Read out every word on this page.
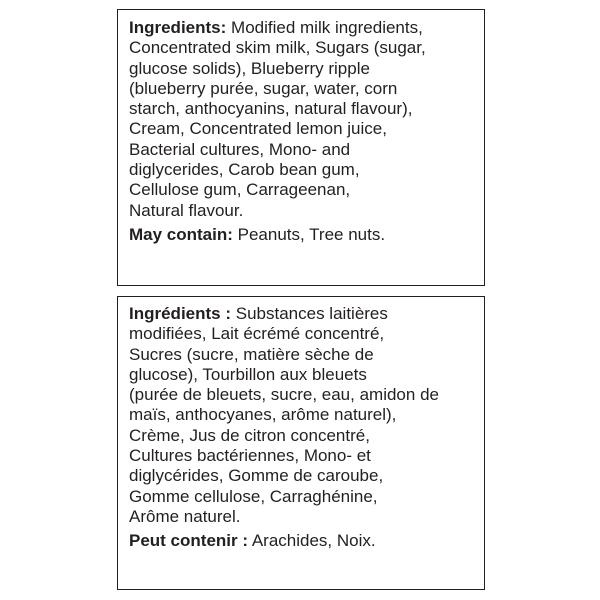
Ingredients: Modified milk ingredients,
Concentrated skim milk, Sugars (sugar,
glucose solids), Blueberry ripple
(blueberry purée, sugar, water, corn
starch, anthocyanins, natural flavour),
Cream, Concentrated lemon juice,
Bacterial cultures, Mono- and
diglycerides, Carob bean gum,
Cellulose gum, Carrageenan,
Natural flavour.

May contain: Peanuts, Tree nuts.

Ingrédients : Substances laitières
modifiées, Lait écrémé concentré,
Sucres (sucre, matière sèche de
glucose), Tourbillon aux bleuets
(purée de bleuets, sucre, eau, amidon de
maïs, anthocyanes, arôme naturel),
Crème, Jus de citron concentré,
Cultures bactériennes, Mono- et
diglycérides, Gomme de caroube,
Gomme cellulose, Carraghénine,
Arôme naturel.

Peut contenir : Arachides, Noix.
